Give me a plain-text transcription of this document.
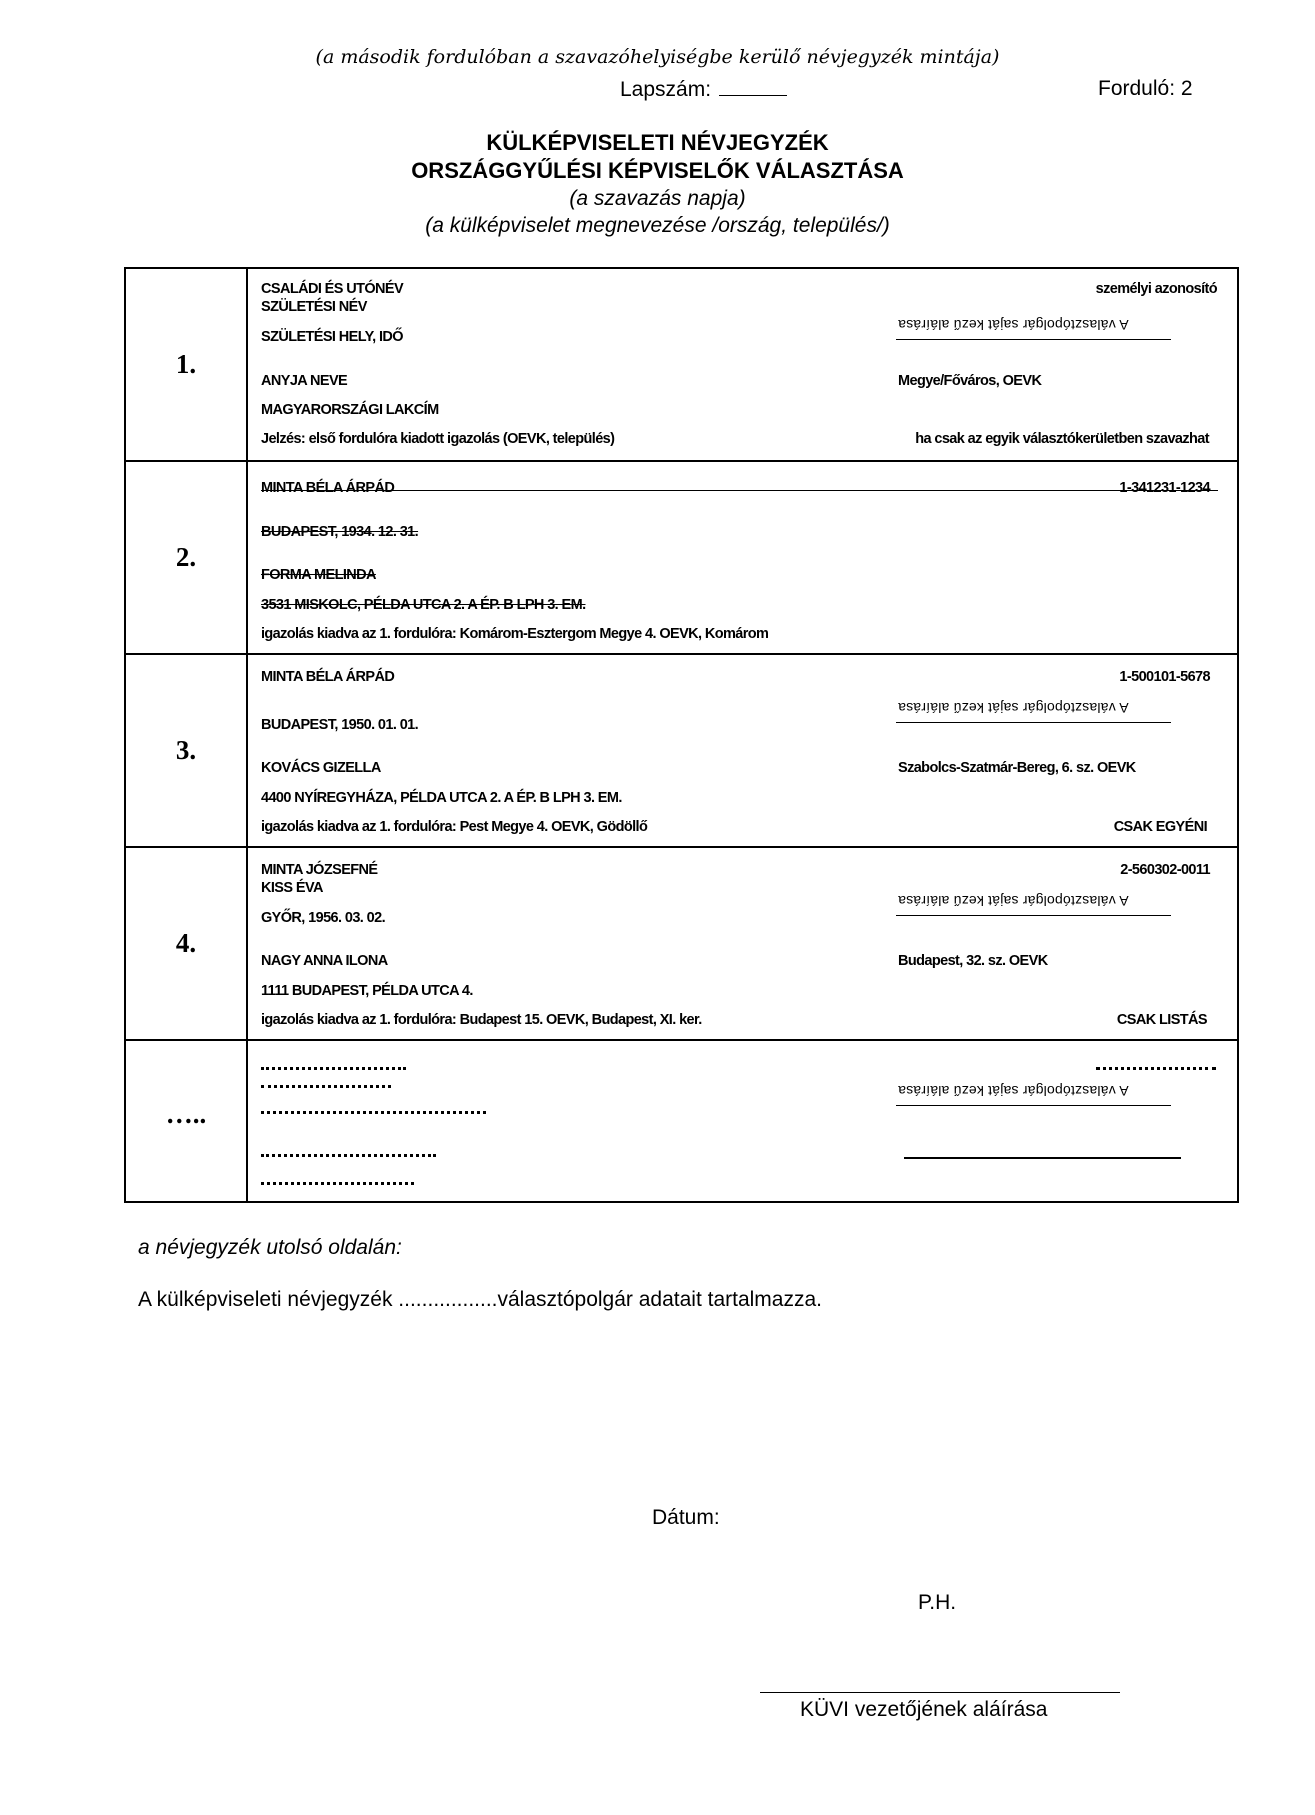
(a második fordulóban a szavazóhelyiségbe kerülő névjegyzék mintája)
Lapszám:	Forduló: 2
KÜLKÉPVISELETI NÉVJEGYZÉK
ORSZÁGGYŰLÉSI KÉPVISELŐK VÁLASZTÁSA
(a szavazás napja)
(a külképviselet megnevezése /ország, település/)
1.
CSALÁDI ÉS UTÓNÉV
SZÜLETÉSI NÉV
SZÜLETÉSI HELY, IDŐ
ANYJA NEVE
MAGYARORSZÁGI LAKCÍM
Jelzés: első fordulóra kiadott igazolás (OEVK, település)
személyi azonosító
A választópolgár saját kezű aláírása
Megye/Főváros, OEVK
ha csak az egyik választókerületben szavazhat
2.
MINTA BÉLA ÁRPÁD
BUDAPEST, 1934. 12. 31.
FORMA MELINDA
3531 MISKOLC, PÉLDA UTCA 2. A ÉP. B LPH 3. EM.
igazolás kiadva az 1. fordulóra: Komárom-Esztergom Megye 4. OEVK, Komárom
1-341231-1234
3.
MINTA BÉLA ÁRPÁD
BUDAPEST, 1950. 01. 01.
KOVÁCS GIZELLA
4400 NYÍREGYHÁZA, PÉLDA UTCA 2. A ÉP. B LPH 3. EM.
igazolás kiadva az 1. fordulóra: Pest Megye 4. OEVK, Gödöllő
1-500101-5678
A választópolgár saját kezű aláírása
Szabolcs-Szatmár-Bereg, 6. sz. OEVK
CSAK EGYÉNI
4.
MINTA JÓZSEFNÉ
KISS ÉVA
GYŐR, 1956. 03. 02.
NAGY ANNA ILONA
1111 BUDAPEST, PÉLDA UTCA 4.
igazolás kiadva az 1. fordulóra: Budapest 15. OEVK, Budapest, XI. ker.
2-560302-0011
A választópolgár saját kezű aláírása
Budapest, 32. sz. OEVK
CSAK LISTÁS
…..
A választópolgár saját kezű aláírása
a névjegyzék utolsó oldalán:
A külképviseleti névjegyzék .................választópolgár adatait tartalmazza.
Dátum:
P.H.
KÜVI vezetőjének aláírása
